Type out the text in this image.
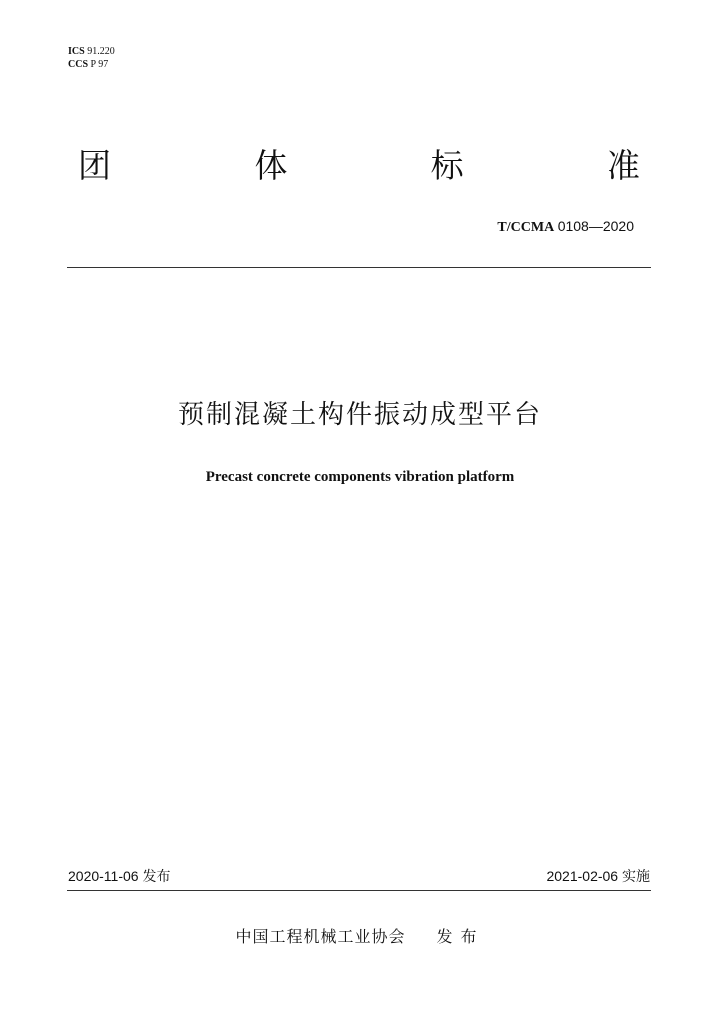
ICS 91.220
CCS P 97
团	体	标	准
T/CCMA 0108—2020
预制混凝土构件振动成型平台
Precast concrete components vibration platform
2020-11-06 发布	2021-02-06 实施
中国工程机械工业协会 发布
